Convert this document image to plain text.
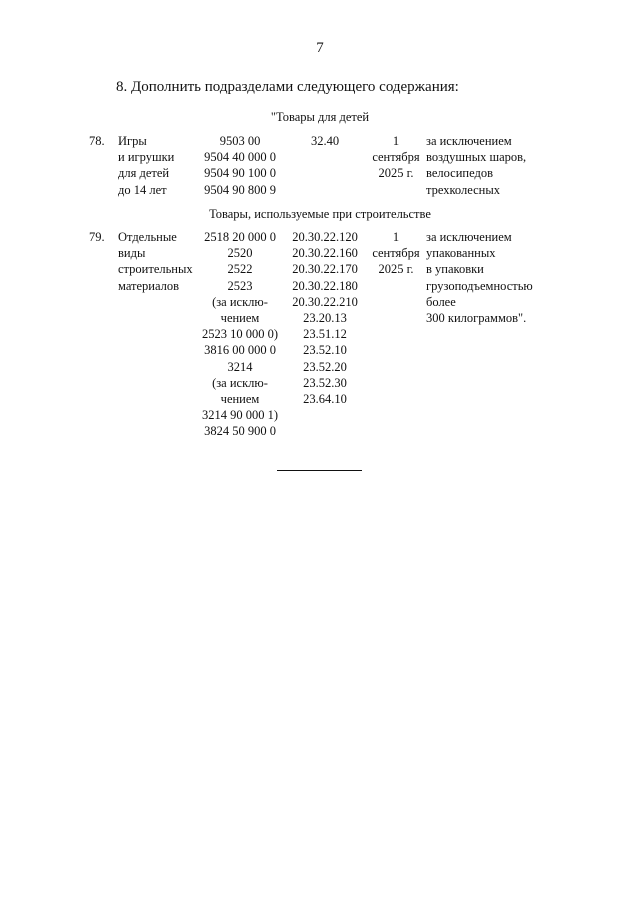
7
8. Дополнить подразделами следующего содержания:
"Товары для детей
78. Игры
и игрушки
для детей
до 14 лет
9503 00
9504 40 000 0
9504 90 100 0
9504 90 800 9
32.40	1
сентября
2025 г.
за исключением
воздушных шаров,
велосипедов
трехколесных
Товары, используемые при строительстве
79. Отдельные
виды
строительных
материалов
2518 20 000 0
2520
2522
2523
(за исклю-
чением
2523 10 000 0)
3816 00 000 0
3214
(за исклю-
чением
3214 90 000 1)
3824 50 900 0
20.30.22.120
20.30.22.160
20.30.22.170
20.30.22.180
20.30.22.210
23.20.13
23.51.12
23.52.10
23.52.20
23.52.30
23.64.10
1
сентября
2025 г.
за исключением
упакованных
в упаковки
грузоподъемностью
более
300 килограммов".
